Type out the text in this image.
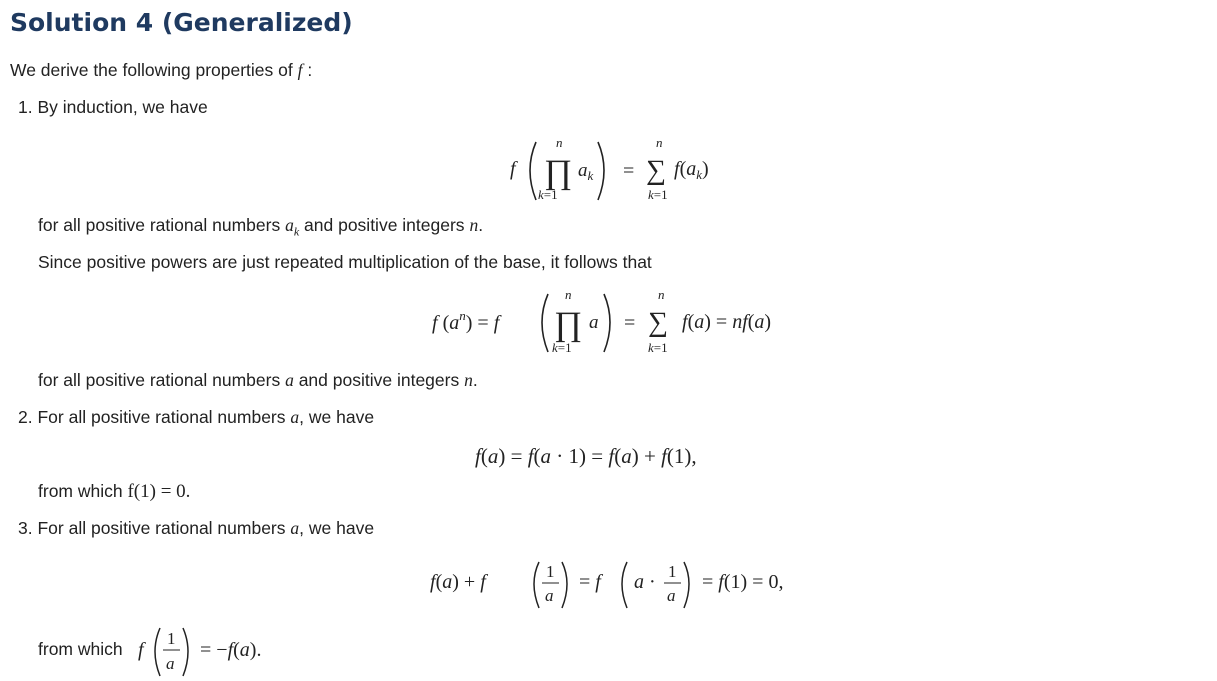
Solution 4 (Generalized)
We derive the following properties of f :
1. By induction, we have
f
n
∏
k=1
$a_k$ =
n
∑
k=1
$f(a_k)$
for all positive rational numbers $a_k$ and positive integers n.
Since positive powers are just repeated multiplication of the base, it follows that
f $(a^n) = f$
n
∏
k=1
a =
n
∑
k=1
f(a) = nf(a)
for all positive rational numbers a and positive integers n.
2. For all positive rational numbers a, we have
f(a) = f(a · 1) = f(a) + f(1),
from which f(1) = 0.
3. For all positive rational numbers a, we have
f(a) + f	1
a
= f a · 1
a
= f(1) = 0,
from which f
1
a
= −f(a).
